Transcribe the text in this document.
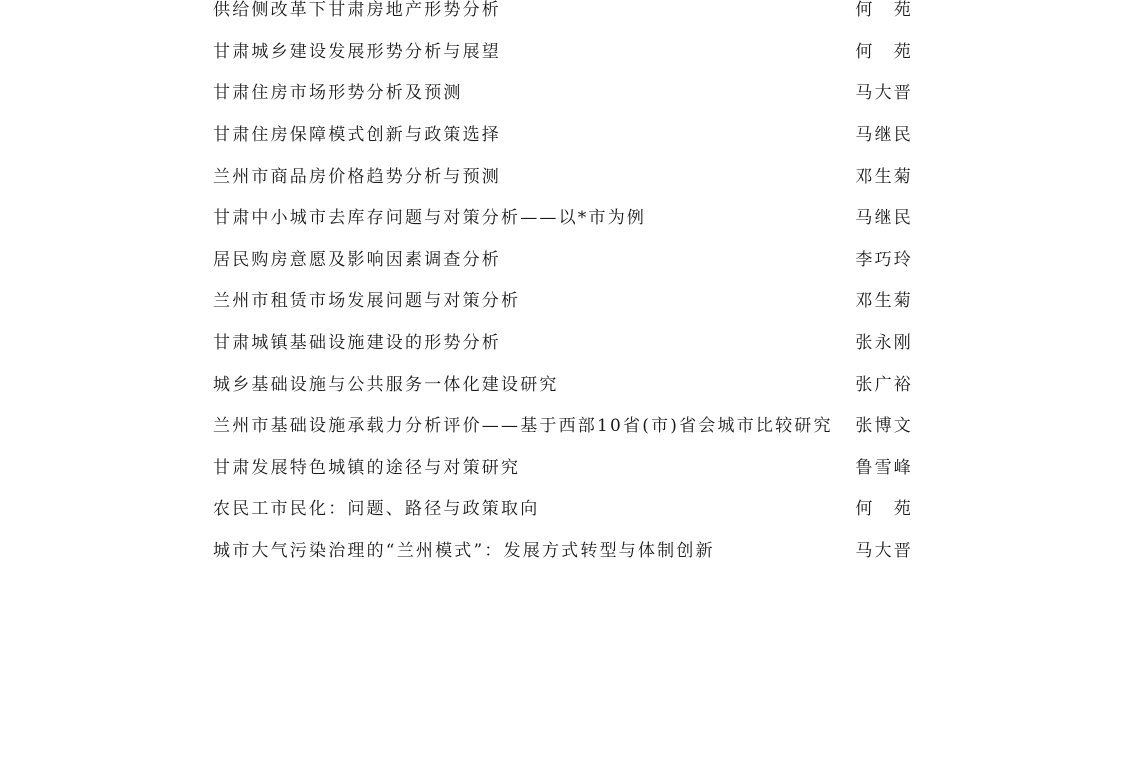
供给侧改革下甘肃房地产形势分析	何　苑
甘肃城乡建设发展形势分析与展望	何　苑
甘肃住房市场形势分析及预测	马大晋
甘肃住房保障模式创新与政策选择	马继民
兰州市商品房价格趋势分析与预测	邓生菊
甘肃中小城市去库存问题与对策分析——以*市为例	马继民
居民购房意愿及影响因素调查分析	李巧玲
兰州市租赁市场发展问题与对策分析	邓生菊
甘肃城镇基础设施建设的形势分析	张永刚
城乡基础设施与公共服务一体化建设研究	张广裕
兰州市基础设施承载力分析评价——基于西部10省(市)省会城市比较研究 张博文
甘肃发展特色城镇的途径与对策研究	鲁雪峰
农民工市民化：问题、路径与政策取向	何　苑
城市大气污染治理的“兰州模式”：发展方式转型与体制创新	马大晋
